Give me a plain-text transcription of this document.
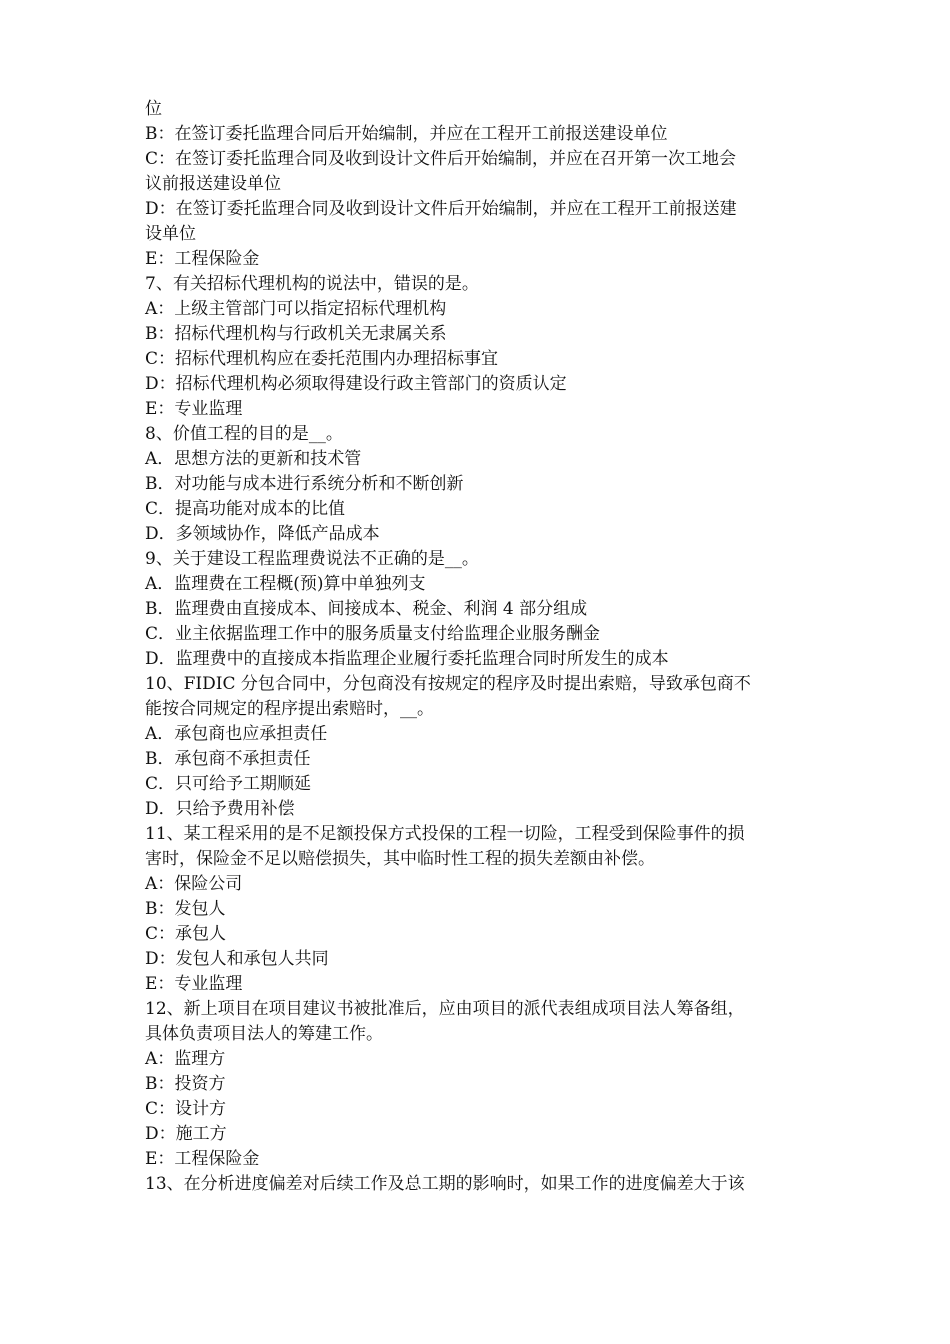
位
B：在签订委托监理合同后开始编制，并应在工程开工前报送建设单位
C：在签订委托监理合同及收到设计文件后开始编制，并应在召开第一次工地会
议前报送建设单位
D：在签订委托监理合同及收到设计文件后开始编制，并应在工程开工前报送建
设单位
E：工程保险金
7、有关招标代理机构的说法中，错误的是。
A：上级主管部门可以指定招标代理机构
B：招标代理机构与行政机关无隶属关系
C：招标代理机构应在委托范围内办理招标事宜
D：招标代理机构必须取得建设行政主管部门的资质认定
E：专业监理
8、价值工程的目的是__。
A．思想方法的更新和技术管
B．对功能与成本进行系统分析和不断创新
C．提高功能对成本的比值
D．多领域协作，降低产品成本
9、关于建设工程监理费说法不正确的是__。
A．监理费在工程概(预)算中单独列支
B．监理费由直接成本、间接成本、税金、利润 4 部分组成
C．业主依据监理工作中的服务质量支付给监理企业服务酬金
D．监理费中的直接成本指监理企业履行委托监理合同时所发生的成本
10、FIDIC 分包合同中，分包商没有按规定的程序及时提出索赔，导致承包商不
能按合同规定的程序提出索赔时，__。
A．承包商也应承担责任
B．承包商不承担责任
C．只可给予工期顺延
D．只给予费用补偿
11、某工程采用的是不足额投保方式投保的工程一切险，工程受到保险事件的损
害时，保险金不足以赔偿损失，其中临时性工程的损失差额由补偿。
A：保险公司
B：发包人
C：承包人
D：发包人和承包人共同
E：专业监理
12、新上项目在项目建议书被批准后，应由项目的派代表组成项目法人筹备组，
具体负责项目法人的筹建工作。
A：监理方
B：投资方
C：设计方
D：施工方
E：工程保险金
13、在分析进度偏差对后续工作及总工期的影响时，如果工作的进度偏差大于该
